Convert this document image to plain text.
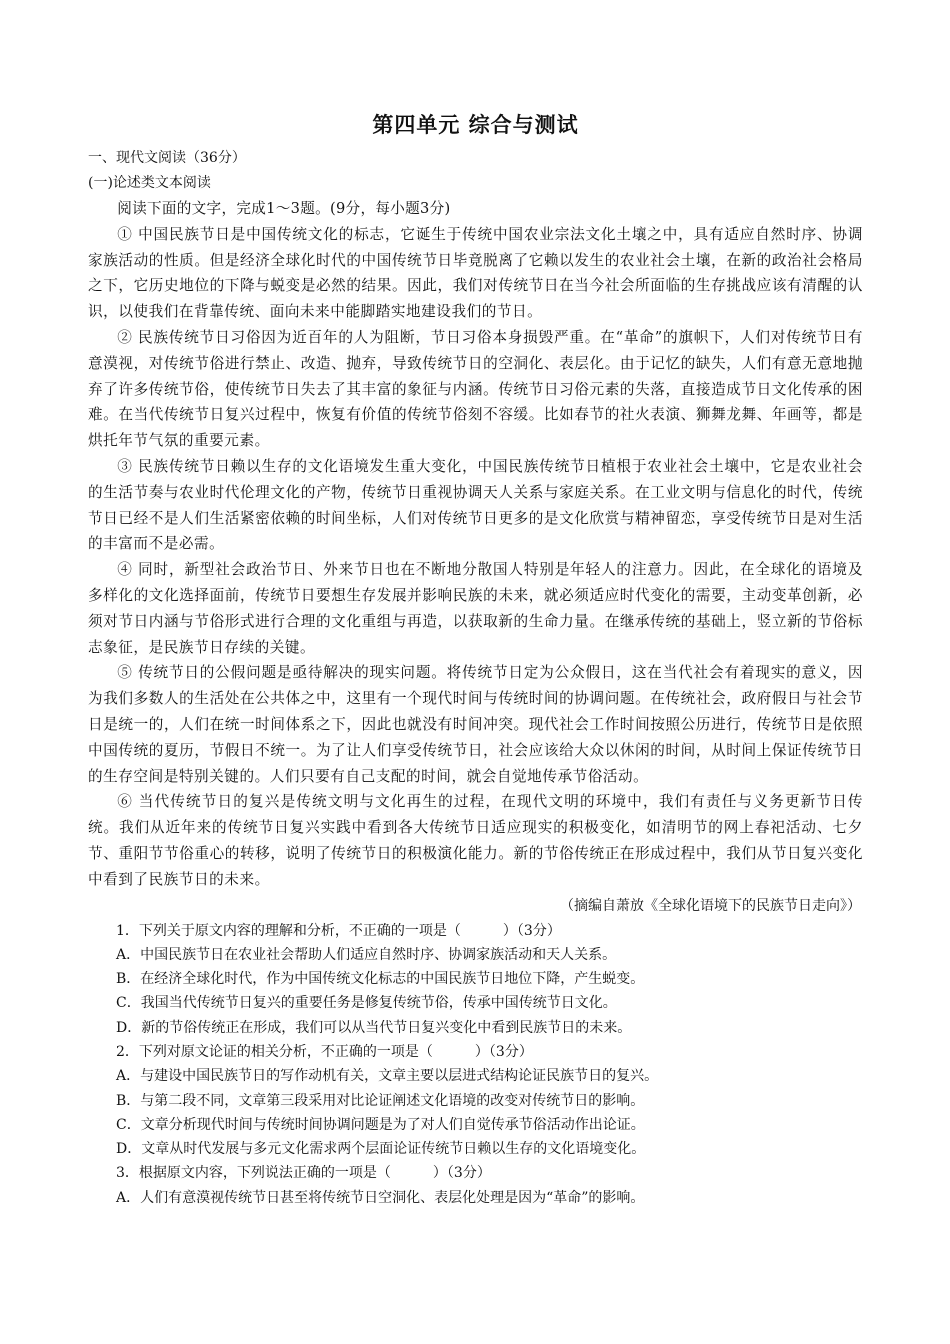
第四单元 综合与测试
一、现代文阅读（36分）
(一)论述类文本阅读

阅读下面的文字，完成1～3题。(9分，每小题3分)

① 中国民族节日是中国传统文化的标志，它诞生于传统中国农业宗法文化土壤之中，具有适应自然时序、协调家族活动的性质。但是经济全球化时代的中国传统节日毕竟脱离了它赖以发生的农业社会土壤，在新的政治社会格局之下，它历史地位的下降与蜕变是必然的结果。因此，我们对传统节日在当今社会所面临的生存挑战应该有清醒的认识，以使我们在背靠传统、面向未来中能脚踏实地建设我们的节日。

② 民族传统节日习俗因为近百年的人为阻断，节日习俗本身损毁严重。在“革命”的旗帜下，人们对传统节日有意漠视，对传统节俗进行禁止、改造、抛弃，导致传统节日的空洞化、表层化。由于记忆的缺失，人们有意无意地抛弃了许多传统节俗，使传统节日失去了其丰富的象征与内涵。传统节日习俗元素的失落，直接造成节日文化传承的困难。在当代传统节日复兴过程中，恢复有价值的传统节俗刻不容缓。比如春节的社火表演、狮舞龙舞、年画等，都是烘托年节气氛的重要元素。

③ 民族传统节日赖以生存的文化语境发生重大变化，中国民族传统节日植根于农业社会土壤中，它是农业社会的生活节奏与农业时代伦理文化的产物，传统节日重视协调天人关系与家庭关系。在工业文明与信息化的时代，传统节日已经不是人们生活紧密依赖的时间坐标，人们对传统节日更多的是文化欣赏与精神留恋，享受传统节日是对生活的丰富而不是必需。

④ 同时，新型社会政治节日、外来节日也在不断地分散国人特别是年轻人的注意力。因此，在全球化的语境及多样化的文化选择面前，传统节日要想生存发展并影响民族的未来，就必须适应时代变化的需要，主动变革创新，必须对节日内涵与节俗形式进行合理的文化重组与再造，以获取新的生命力量。在继承传统的基础上，竖立新的节俗标志象征，是民族节日存续的关键。

⑤ 传统节日的公假问题是亟待解决的现实问题。将传统节日定为公众假日，这在当代社会有着现实的意义，因为我们多数人的生活处在公共体之中，这里有一个现代时间与传统时间的协调问题。在传统社会，政府假日与社会节日是统一的，人们在统一时间体系之下，因此也就没有时间冲突。现代社会工作时间按照公历进行，传统节日是依照中国传统的夏历，节假日不统一。为了让人们享受传统节日，社会应该给大众以休闲的时间，从时间上保证传统节日的生存空间是特别关键的。人们只要有自己支配的时间，就会自觉地传承节俗活动。

⑥ 当代传统节日的复兴是传统文明与文化再生的过程，在现代文明的环境中，我们有责任与义务更新节日传统。我们从近年来的传统节日复兴实践中看到各大传统节日适应现实的积极变化，如清明节的网上春祀活动、七夕节、重阳节节俗重心的转移，说明了传统节日的积极演化能力。新的节俗传统正在形成过程中，我们从节日复兴变化中看到了民族节日的未来。

（摘编自萧放《全球化语境下的民族节日走向》）
1．下列关于原文内容的理解和分析，不正确的一项是（　　　）（3分）
A．中国民族节日在农业社会帮助人们适应自然时序、协调家族活动和天人关系。
B．在经济全球化时代，作为中国传统文化标志的中国民族节日地位下降，产生蜕变。
C．我国当代传统节日复兴的重要任务是修复传统节俗，传承中国传统节日文化。
D．新的节俗传统正在形成，我们可以从当代节日复兴变化中看到民族节日的未来。
2．下列对原文论证的相关分析，不正确的一项是（　　　）（3分）
A．与建设中国民族节日的写作动机有关，文章主要以层进式结构论证民族节日的复兴。
B．与第二段不同，文章第三段采用对比论证阐述文化语境的改变对传统节日的影响。
C．文章分析现代时间与传统时间协调问题是为了对人们自觉传承节俗活动作出论证。
D．文章从时代发展与多元文化需求两个层面论证传统节日赖以生存的文化语境变化。
3．根据原文内容，下列说法正确的一项是（　　　）（3分）
A．人们有意漠视传统节日甚至将传统节日空洞化、表层化处理是因为“革命”的影响。
